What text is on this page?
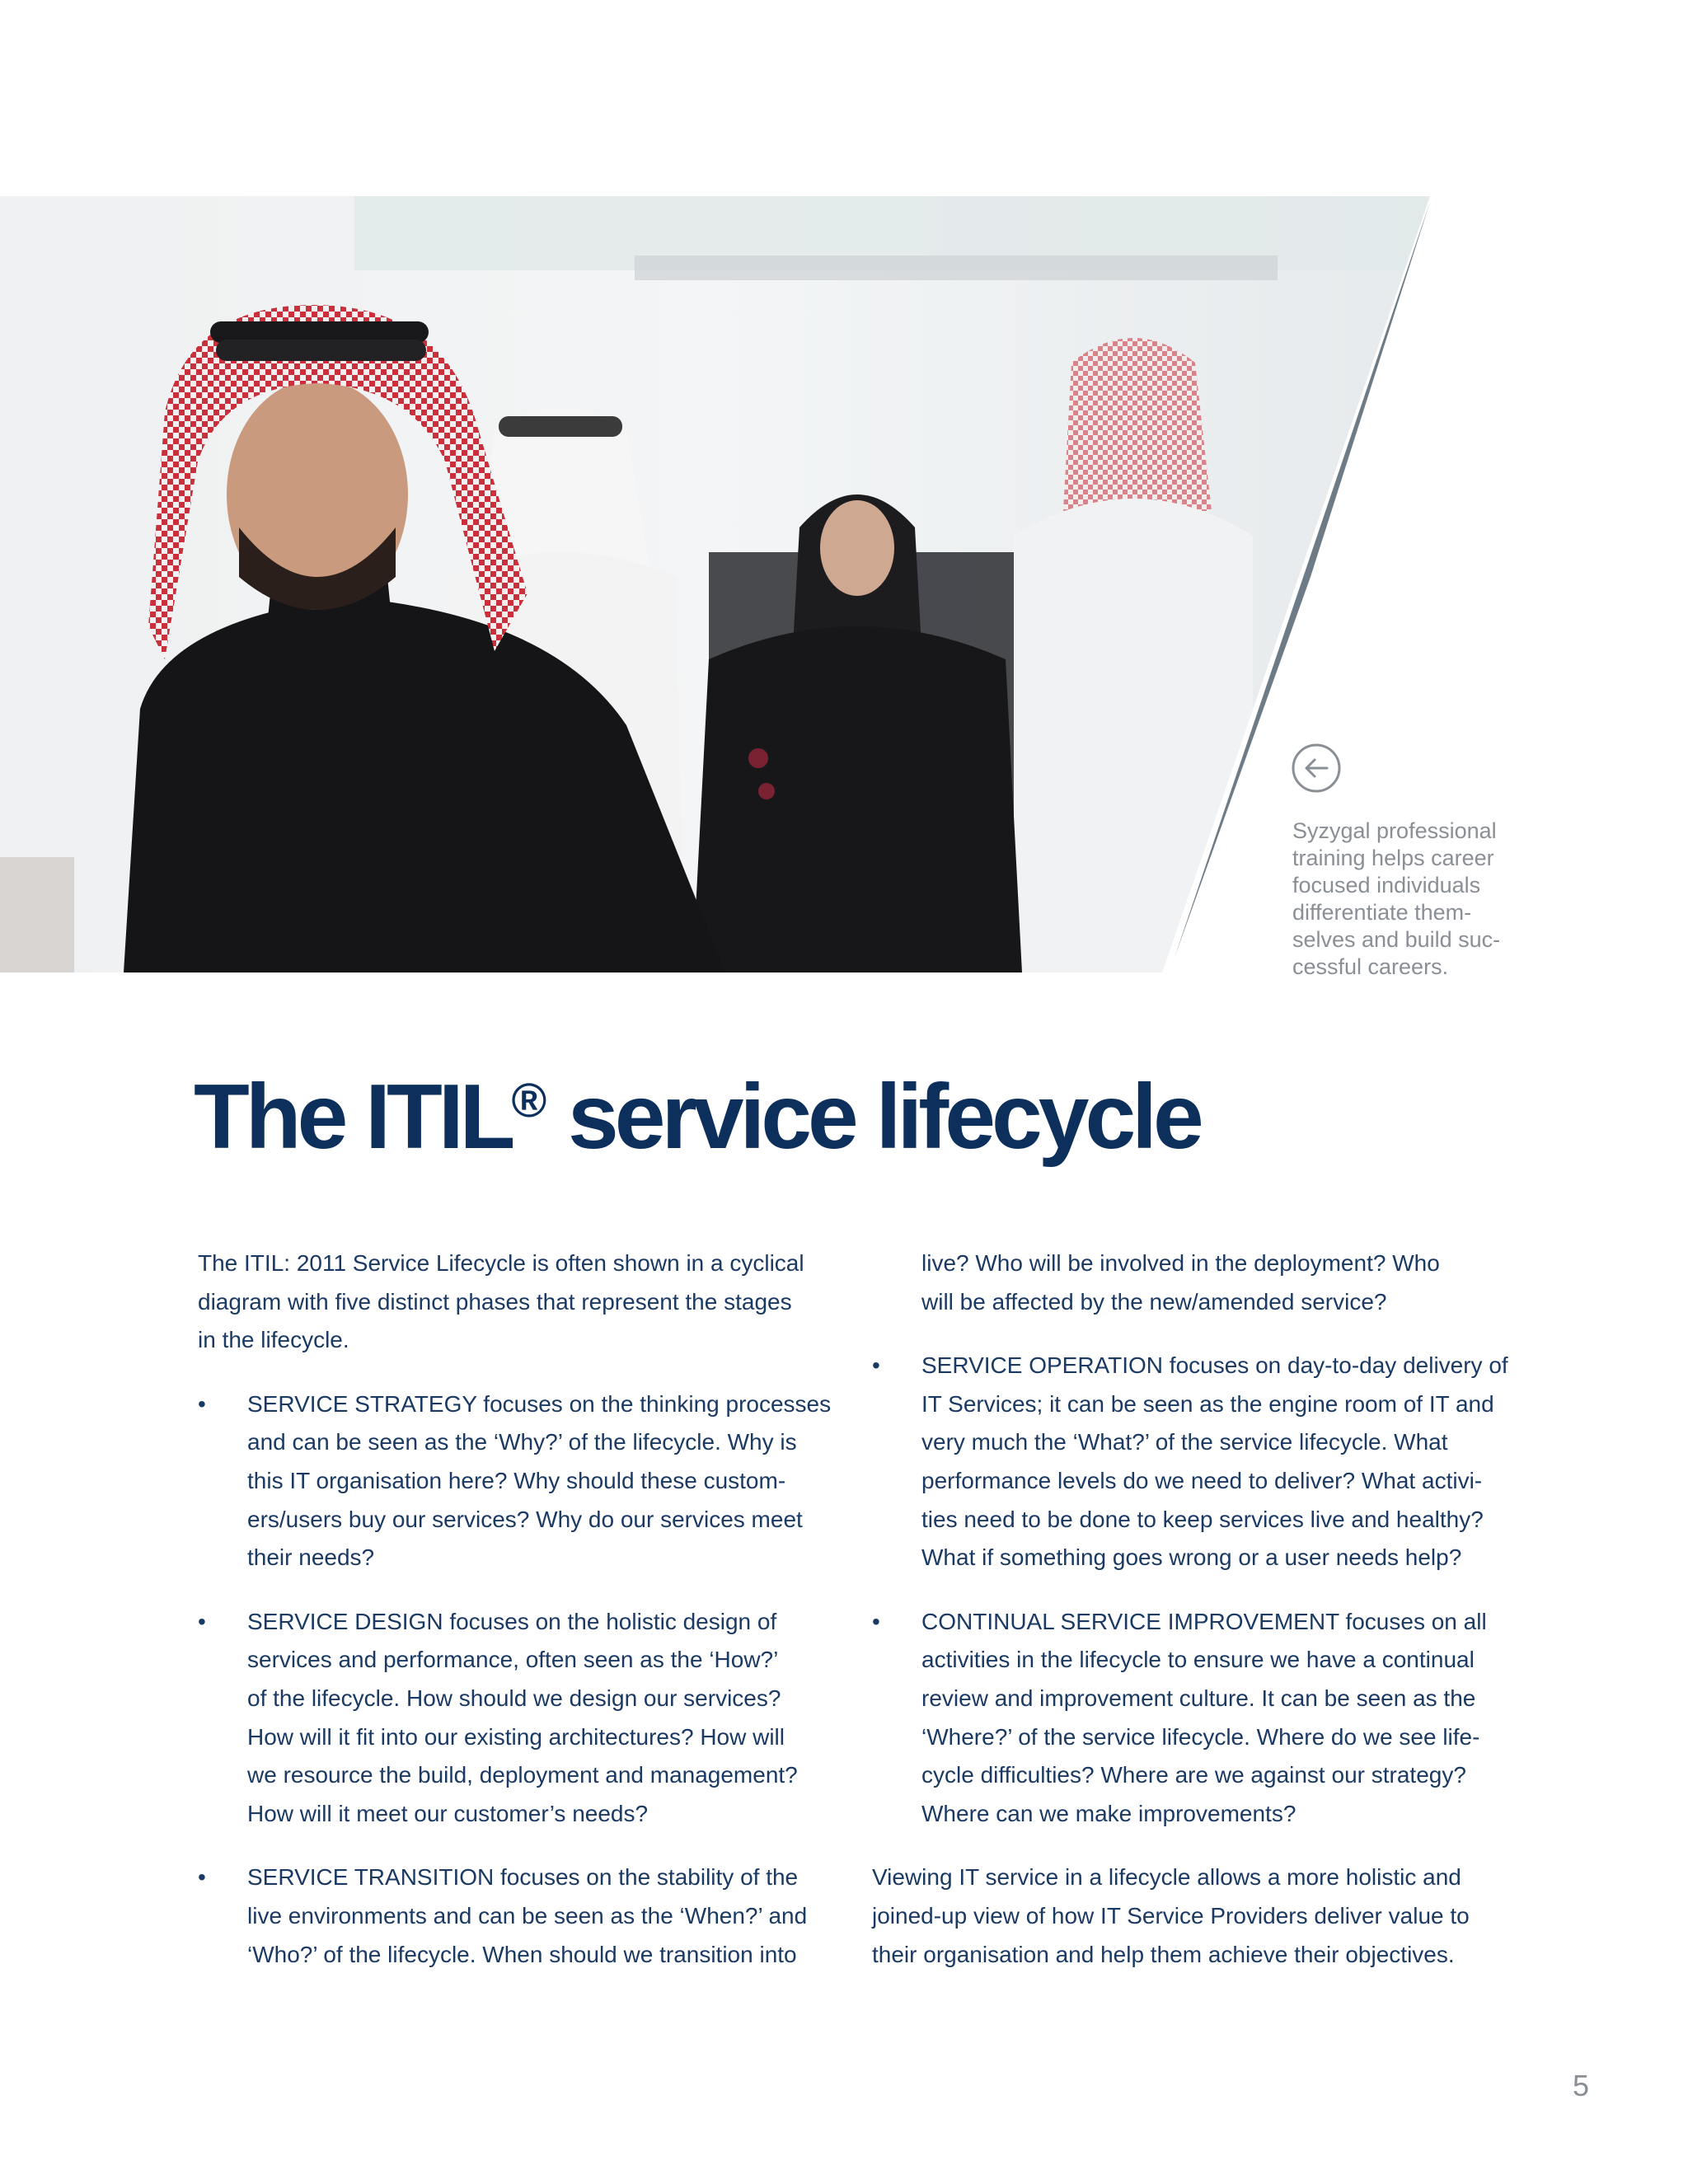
Syzygal professional
training helps career
focused individuals
differentiate them-
selves and build suc-
cessful careers.
The ITIL® service lifecycle

The ITIL: 2011 Service Lifecycle is often shown in a cyclical
diagram with five distinct phases that represent the stages
in the lifecycle.

• SERVICE STRATEGY focuses on the thinking processes
and can be seen as the ‘Why?’ of the lifecycle. Why is
this IT organisation here? Why should these custom-
ers/users buy our services? Why do our services meet
their needs?
• SERVICE DESIGN focuses on the holistic design of
services and performance, often seen as the ‘How?’
of the lifecycle. How should we design our services?
How will it fit into our existing architectures? How will
we resource the build, deployment and management?
How will it meet our customer’s needs?
• SERVICE TRANSITION focuses on the stability of the
live environments and can be seen as the ‘When?’ and
‘Who?’ of the lifecycle. When should we transition into
live? Who will be involved in the deployment? Who
will be affected by the new/amended service?
• SERVICE OPERATION focuses on day-to-day delivery of
IT Services; it can be seen as the engine room of IT and
very much the ‘What?’ of the service lifecycle. What
performance levels do we need to deliver? What activi-
ties need to be done to keep services live and healthy?
What if something goes wrong or a user needs help?
• CONTINUAL SERVICE IMPROVEMENT focuses on all
activities in the lifecycle to ensure we have a continual
review and improvement culture. It can be seen as the
‘Where?’ of the service lifecycle. Where do we see life-
cycle difficulties? Where are we against our strategy?
Where can we make improvements?

Viewing IT service in a lifecycle allows a more holistic and
joined-up view of how IT Service Providers deliver value to
their organisation and help them achieve their objectives.

5
